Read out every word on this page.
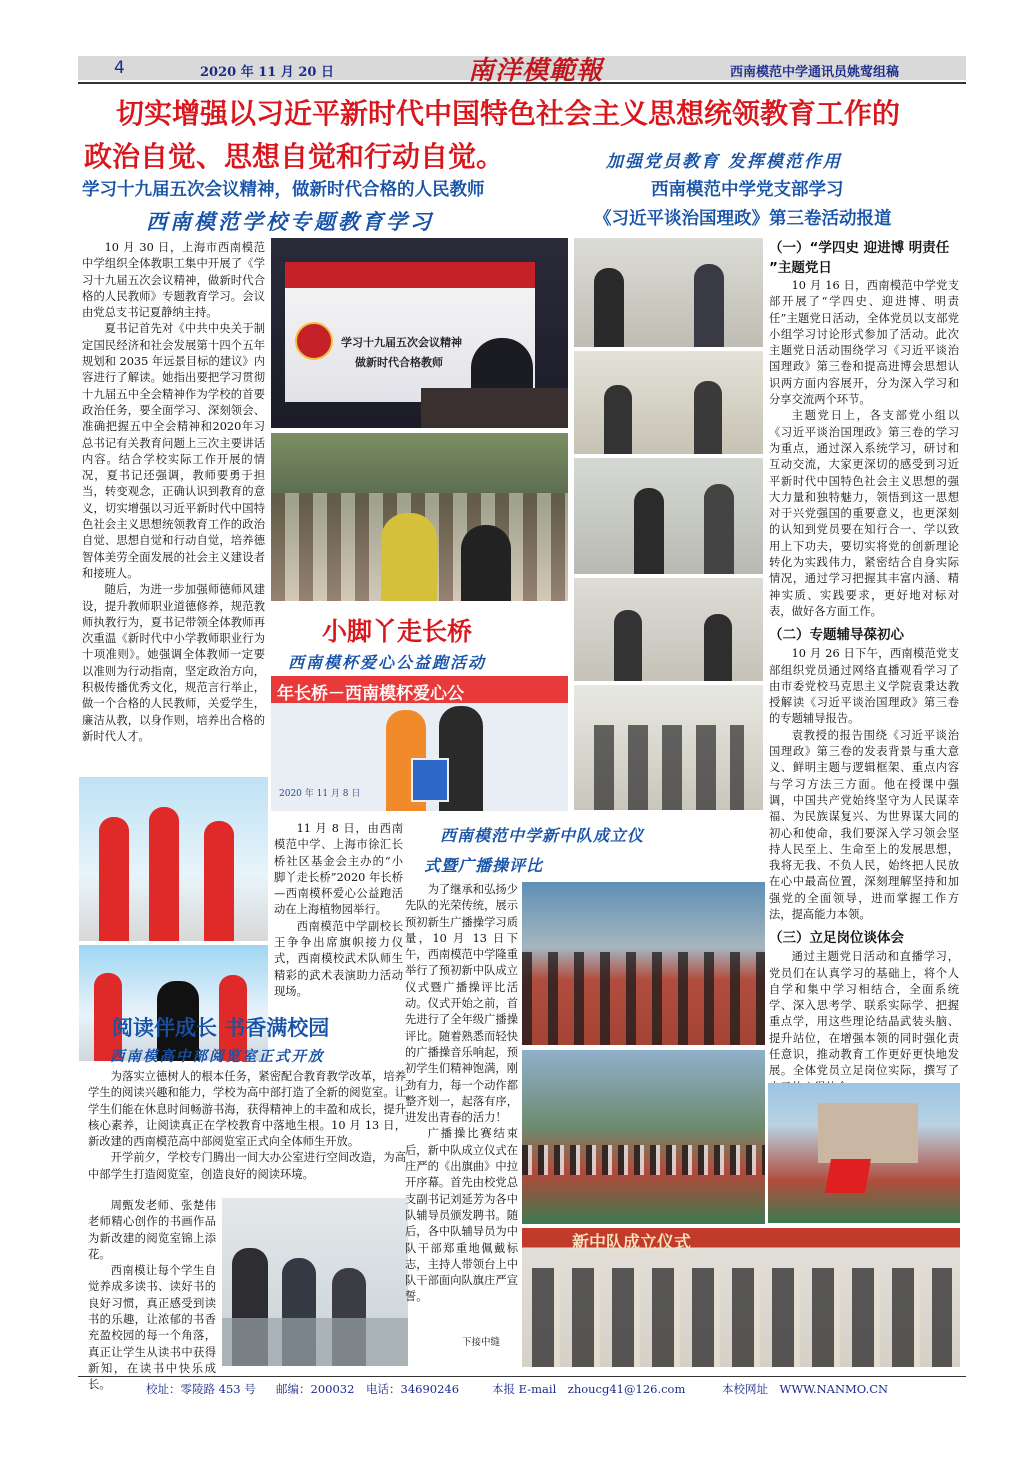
4	2020 年 11 月 20 日	南洋模範報	西南模范中学通讯员姚莺组稿
切实增强以习近平新时代中国特色社会主义思想统领教育工作的
政治自觉、思想自觉和行动自觉。
学习十九届五次会议精神，做新时代合格的人民教师
西南模范学校专题教育学习

10 月 30 日，上海市西南模范中学组织全体教职工集中开展了《学习十九届五次会议精神，做新时代合格的人民教师》专题教育学习。会议由党总支书记夏静纳主持。

夏书记首先对《中共中央关于制定国民经济和社会发展第十四个五年规划和 2035 年远景目标的建议》内容进行了解读。她指出要把学习贯彻十九届五中全会精神作为学校的首要政治任务，要全面学习、深刻领会、准确把握五中全会精神和2020年习总书记有关教育问题上三次主要讲话内容。结合学校实际工作开展的情况，夏书记还强调，教师要勇于担当，转变观念，正确认识到教育的意义，切实增强以习近平新时代中国特色社会主义思想统领教育工作的政治自觉、思想自觉和行动自觉，培养德智体美劳全面发展的社会主义建设者和接班人。

随后，为进一步加强师德师风建设，提升教师职业道德修养，规范教师执教行为，夏书记带领全体教师再次重温《新时代中小学教师职业行为十项准则》。她强调全体教师一定要以准则为行动指南，坚定政治方向，积极传播优秀文化，规范言行举止，做一个合格的人民教师，关爱学生，廉洁从教，以身作则，培养出合格的新时代人才。

学习十九届五次会议精神
做新时代合格教师
小脚丫走长桥
西南模杯爱心公益跑活动
年长桥－西南模杯爱心公
2020 年 11 月 8 日

11 月 8 日，由西南模范中学、上海市徐汇长桥社区基金会主办的“小脚丫走长桥”2020 年长桥—西南模杯爱心公益跑活动在上海植物园举行。

西南模范中学副校长王争争出席旗帜接力仪式，西南模校武术队师生精彩的武术表演助力活动现场。

阅读伴成长 书香满校园
西南模高中部阅览室正式开放

为落实立德树人的根本任务，紧密配合教育教学改革，培养学生的阅读兴趣和能力，学校为高中部打造了全新的阅览室。让学生们能在休息时间畅游书海，获得精神上的丰盈和成长，提升核心素养，让阅读真正在学校教育中落地生根。10 月 13 日，新改建的西南模范高中部阅览室正式向全体师生开放。

开学前夕，学校专门腾出一间大办公室进行空间改造，为高中部学生打造阅览室，创造良好的阅读环境。

周甄发老师、张楚伟老师精心创作的书画作品为新改建的阅览室锦上添花。

西南模让每个学生自觉养成多读书、读好书的良好习惯，真正感受到读书的乐趣，让浓郁的书香充盈校园的每一个角落，真正让学生从读书中获得新知，在读书中快乐成长。

西南模范中学新中队成立仪
式暨广播操评比

为了继承和弘扬少先队的光荣传统，展示预初新生广播操学习质量，10 月 13 日下午，西南模范中学隆重举行了预初新中队成立仪式暨广播操评比活动。仪式开始之前，首先进行了全年级广播操评比。随着熟悉而轻快的广播操音乐响起，预初学生们精神饱满，刚劲有力，每一个动作都整齐划一，起落有序，进发出青春的活力！

广播操比赛结束后，新中队成立仪式在庄严的《出旗曲》中拉开序幕。首先由校党总支副书记刘延芳为各中队辅导员颁发聘书。随后，各中队辅导员为中队干部郑重地佩戴标志，主持人带领台上中队干部面向队旗庄严宣誓。

下接中缝
加强党员教育 发挥模范作用
西南模范中学党支部学习
《习近平谈治国理政》第三卷活动报道
（一）“学四史 迎进博 明责任 ”主题党日

10 月 16 日，西南模范中学党支部开展了“学四史、迎进博、明责任”主题党日活动，全体党员以支部党小组学习讨论形式参加了活动。此次主题党日活动围绕学习《习近平谈治国理政》第三卷和提高进博会思想认识两方面内容展开，分为深入学习和分享交流两个环节。

主题党日上，各支部党小组以《习近平谈治国理政》第三卷的学习为重点，通过深入系统学习，研讨和互动交流，大家更深切的感受到习近平新时代中国特色社会主义思想的强大力量和独特魅力，领悟到这一思想对于兴党强国的重要意义，也更深刻的认知到党员要在知行合一、学以致用上下功夫，要切实将党的创新理论转化为实践伟力，紧密结合自身实际情况，通过学习把握其丰富内涵、精神实质、实践要求，更好地对标对表，做好各方面工作。

（二）专题辅导葆初心

10 月 26 日下午，西南模范党支部组织党员通过网络直播观看学习了由市委党校马克思主义学院袁秉达教授解读《习近平谈治国理政》第三卷的专题辅导报告。

袁教授的报告围绕《习近平谈治国理政》第三卷的发表背景与重大意义、鲜明主题与逻辑框架、重点内容与学习方法三方面。他在授课中强调，中国共产党始终坚守为人民谋幸福、为民族谋复兴、为世界谋大同的初心和使命，我们要深入学习领会坚持人民至上、生命至上的发展思想，我将无我、不负人民，始终把人民放在心中最高位置，深刻理解坚持和加强党的全面领导，进而掌握工作方法，提高能力本领。

（三）立足岗位谈体会

通过主题党日活动和直播学习，党员们在认真学习的基础上，将个人自学和集中学习相结合，全面系统学、深入思考学、联系实际学、把握重点学，用这些理论结晶武装头脑、提升站位，在增强本领的同时强化责任意识，推动教育工作更好更快地发展。全体党员立足岗位实际，撰写了

新中队成立仪式
校址：零陵路 453 号 邮编：200032 电话：34690246	本报 E-mail　zhoucg41@126.com	本校网址　WWW.NANMO.CN
